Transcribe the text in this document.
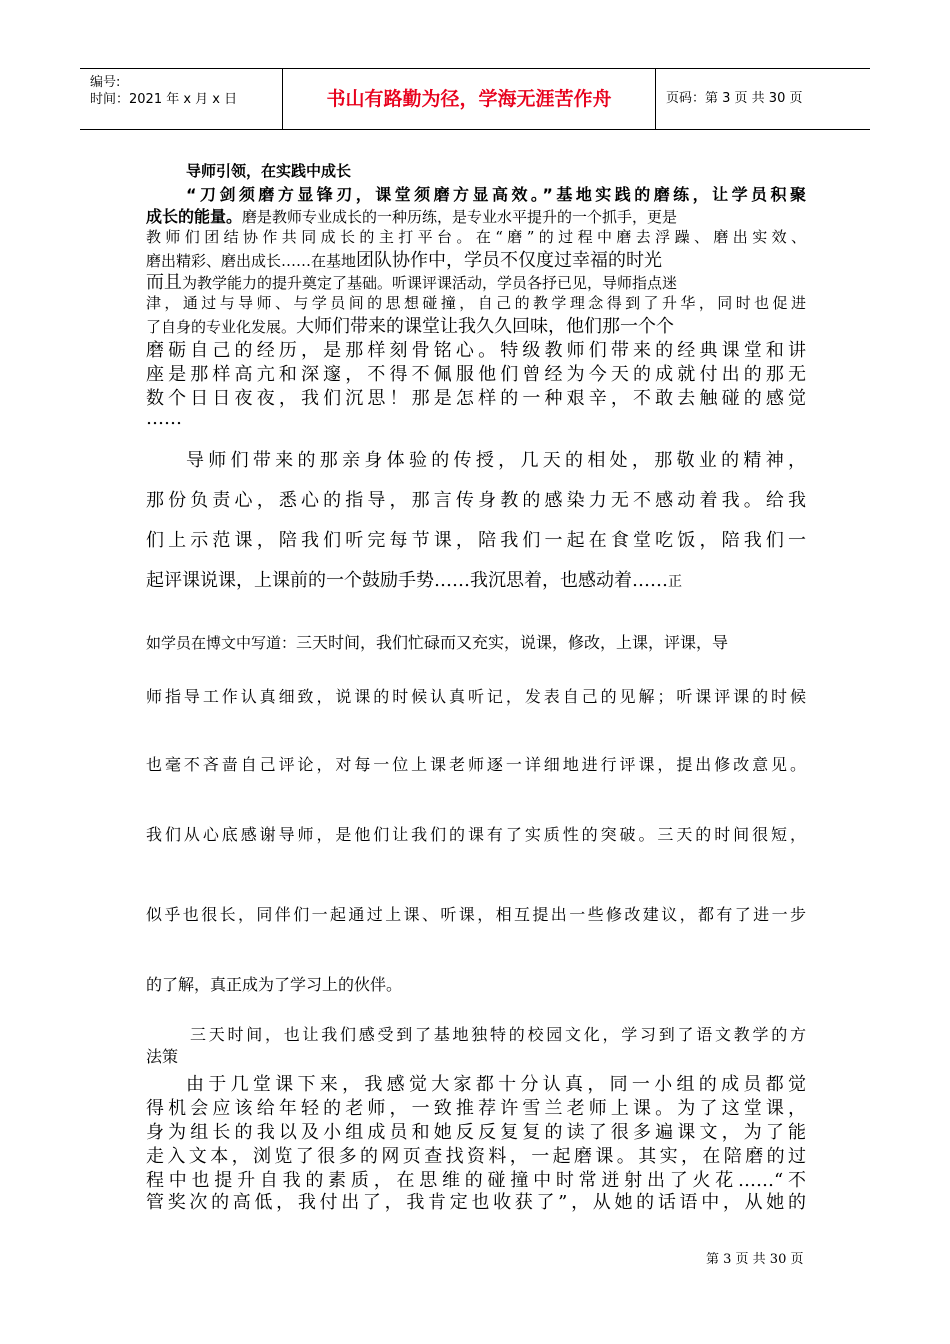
编号:
时间：2021 年 x 月 x 日	书山有路勤为径，学海无涯苦作舟	页码：第 3 页 共 30 页
导师引领，在实践中成长
“刀剑须磨方显锋刃，课堂须磨方显高效。”基地实践的磨练，让学员积聚
成长的能量。磨是教师专业成长的一种历练，是专业水平提升的一个抓手，更是
教师们团结协作共同成长的主打平台。在“磨”的过程中磨去浮躁、磨出实效、
磨出精彩、磨出成长……在基地团队协作中，学员不仅度过幸福的时光
而且为教学能力的提升奠定了基础。听课评课活动，学员各抒已见，导师指点迷
津，通过与导师、与学员间的思想碰撞，自己的教学理念得到了升华，同时也促进
了自身的专业化发展。大师们带来的课堂让我久久回味，他们那一个个
磨砺自己的经历，是那样刻骨铭心。特级教师们带来的经典课堂和讲
座是那样高亢和深邃，不得不佩服他们曾经为今天的成就付出的那无
数个日日夜夜，我们沉思！那是怎样的一种艰辛，不敢去触碰的感觉
……
导师们带来的那亲身体验的传授，几天的相处，那敬业的精神，
那份负责心，悉心的指导，那言传身教的感染力无不感动着我。给我
们上示范课，陪我们听完每节课，陪我们一起在食堂吃饭，陪我们一
起评课说课，上课前的一个鼓励手势……我沉思着，也感动着……正
如学员在博文中写道：三天时间，我们忙碌而又充实，说课，修改，上课，评课，导
师指导工作认真细致，说课的时候认真听记，发表自己的见解；听课评课的时候
也毫不吝啬自己评论，对每一位上课老师逐一详细地进行评课，提出修改意见。
我们从心底感谢导师，是他们让我们的课有了实质性的突破。三天的时间很短，
似乎也很长，同伴们一起通过上课、听课，相互提出一些修改建议，都有了进一步
的了解，真正成为了学习上的伙伴。
三天时间，也让我们感受到了基地独特的校园文化，学习到了语文教学的方
法策
由于几堂课下来，我感觉大家都十分认真，同一小组的成员都觉
得机会应该给年轻的老师，一致推荐许雪兰老师上课。为了这堂课，
身为组长的我以及小组成员和她反反复复的读了很多遍课文，为了能
走入文本，浏览了很多的网页查找资料，一起磨课。其实，在陪磨的过
程中也提升自我的素质，在思维的碰撞中时常迸射出了火花……“不
管奖次的高低，我付出了，我肯定也收获了”，从她的话语中，从她的
第 3 页 共 30 页
